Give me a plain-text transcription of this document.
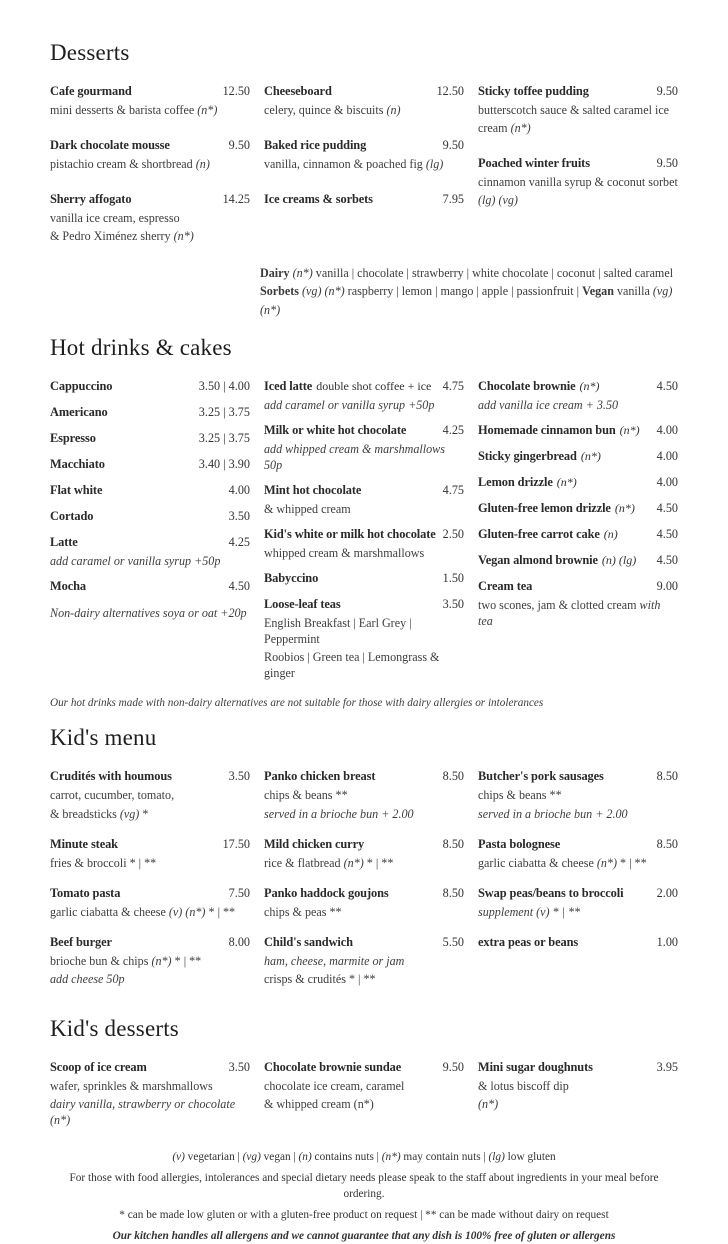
Desserts
Cafe gourmand	12.50
mini desserts & barista coffee (n*)
Dark chocolate mousse	9.50
pistachio cream & shortbread (n)
Sherry affogato	14.25
vanilla ice cream, espresso
& Pedro Ximénez sherry (n*)
Cheeseboard	12.50
celery, quince & biscuits (n)
Baked rice pudding	9.50
vanilla, cinnamon & poached fig (lg)
Ice creams & sorbets	7.95
Sticky toffee pudding	9.50
butterscotch sauce & salted caramel ice
cream (n*)
Poached winter fruits	9.50
cinnamon vanilla syrup & coconut sorbet
(lg) (vg)
Dairy (n*) vanilla | chocolate | strawberry | white chocolate | coconut | salted caramel
Sorbets (vg) (n*) raspberry | lemon | mango | apple | passionfruit | Vegan vanilla (vg) (n*)
Hot drinks & cakes
Cappuccino	3.50 | 4.00
Americano	3.25 | 3.75
Espresso	3.25 | 3.75
Macchiato	3.40 | 3.90
Flat white	4.00
Cortado	3.50
Latte	4.25
add caramel or vanilla syrup +50p
Mocha	4.50
Non-dairy alternatives soya or oat +20p
Iced latte double shot coffee + ice 4.75
add caramel or vanilla syrup +50p
Milk or white hot chocolate	4.25
add whipped cream & marshmallows 50p
Mint hot chocolate	4.75
& whipped cream
Kid's white or milk hot chocolate 2.50
whipped cream & marshmallows
Babyccino	1.50
Loose-leaf teas	3.50
English Breakfast | Earl Grey | Peppermint
Roobios | Green tea | Lemongrass & ginger
Chocolate brownie (n*)	4.50
add vanilla ice cream + 3.50
Homemade cinnamon bun (n*)	4.00
Sticky gingerbread (n*)	4.00
Lemon drizzle (n*)	4.00
Gluten-free lemon drizzle (n*)	4.50
Gluten-free carrot cake (n)	4.50
Vegan almond brownie (n) (lg)	4.50
Cream tea	9.00
two scones, jam & clotted cream with tea
Our hot drinks made with non-dairy alternatives are not suitable for those with dairy allergies or intolerances
Kid's menu
Crudités with houmous	3.50
carrot, cucumber, tomato,
& breadsticks (vg) *
Minute steak	17.50
fries & broccoli * | **
Tomato pasta	7.50
garlic ciabatta & cheese (v) (n*) * | **
Beef burger	8.00
brioche bun & chips (n*) * | **
add cheese 50p
Panko chicken breast	8.50
chips & beans **
served in a brioche bun + 2.00
Mild chicken curry	8.50
rice & flatbread (n*) * | **
Panko haddock goujons	8.50
chips & peas **
Child's sandwich	5.50
ham, cheese, marmite or jam
crisps & crudités * | **
Butcher's pork sausages	8.50
chips & beans **
served in a brioche bun + 2.00
Pasta bolognese	8.50
garlic ciabatta & cheese (n*) * | **
Swap peas/beans to broccoli	2.00
supplement (v) * | **
extra peas or beans	1.00
Kid's desserts
Scoop of ice cream	3.50
wafer, sprinkles & marshmallows
dairy vanilla, strawberry or chocolate (n*)
Chocolate brownie sundae	9.50
chocolate ice cream, caramel
& whipped cream (n*)
Mini sugar doughnuts	3.95
& lotus biscoff dip
(n*)
(v) vegetarian | (vg) vegan | (n) contains nuts | (n*) may contain nuts | (lg) low gluten
For those with food allergies, intolerances and special dietary needs please speak to the staff about ingredients in your meal before ordering.
* can be made low gluten or with a gluten-free product on request | ** can be made without dairy on request
Our kitchen handles all allergens and we cannot guarantee that any dish is 100% free of gluten or allergens
